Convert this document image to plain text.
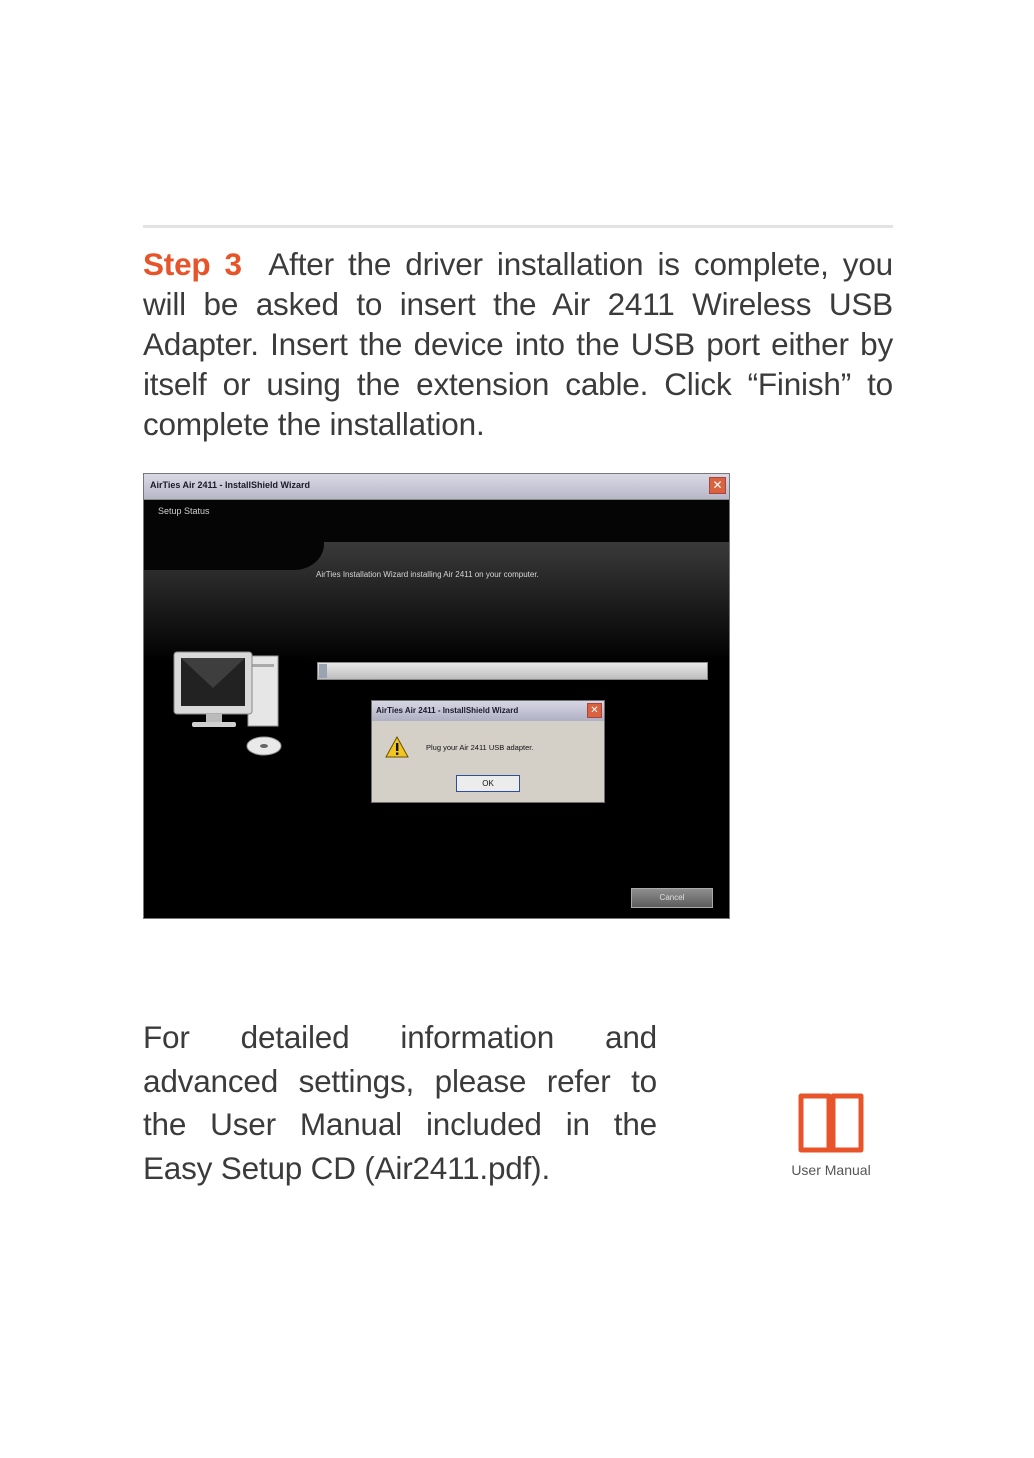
Step 3 After the driver installation is complete, you will be asked to insert the Air 2411 Wireless USB Adapter. Insert the device into the USB port either by itself or using the extension cable. Click “Finish” to complete the installation.

AirTies Air 2411 - InstallShield Wizard	✕
Setup Status
AirTies Installation Wizard installing Air 2411 on your computer.
AirTies Air 2411 - InstallShield Wizard	✕
Plug your Air 2411 USB adapter.
OK
Cancel

For detailed information and advanced settings, please refer to the User Manual included in the Easy Setup CD (Air2411.pdf).	User Manual
